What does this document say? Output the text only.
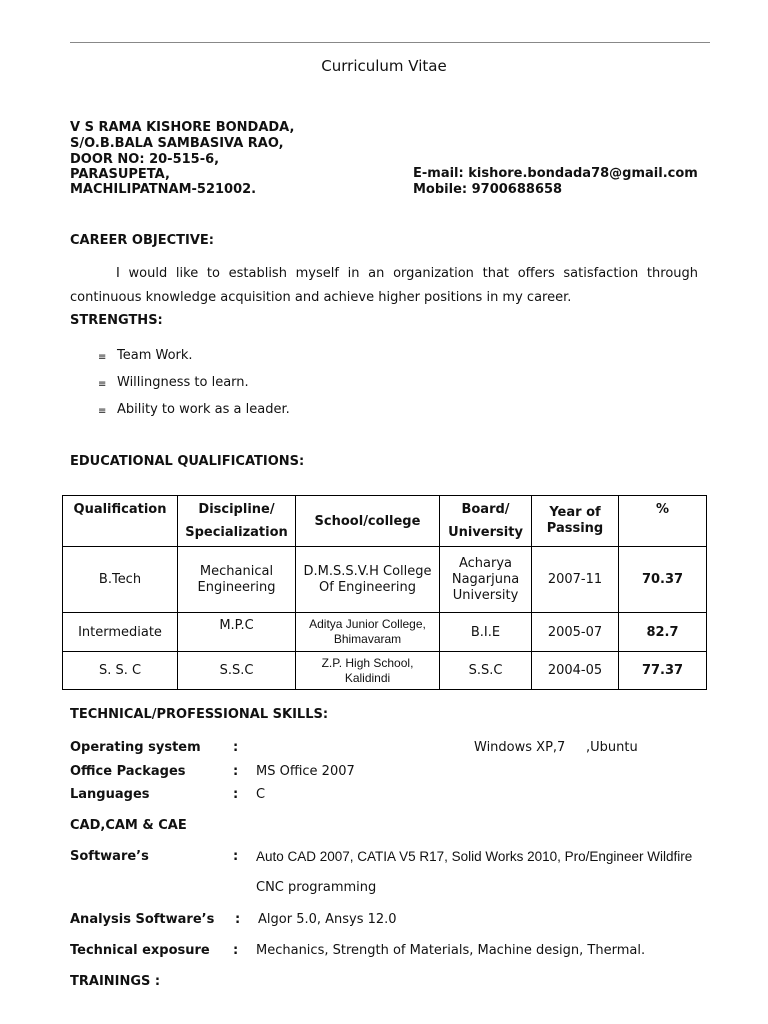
Curriculum Vitae
V S RAMA KISHORE BONDADA,
S/O.B.BALA SAMBASIVA RAO,
DOOR NO: 20-515-6,
PARASUPETA,
MACHILIPATNAM-521002.
E-mail: kishore.bondada78@gmail.com
Mobile: 9700688658
CAREER OBJECTIVE:
I would like to establish myself in an organization that offers satisfaction through continuous knowledge acquisition and achieve higher positions in my career.
STRENGTHS:
≡ Team Work.
≡ Willingness to learn.
≡ Ability to work as a leader.
EDUCATIONAL QUALIFICATIONS:
Qualification	Discipline/ Specialization	School/college	Board/ University	Year of Passing	%
B.Tech	Mechanical Engineering	D.M.S.S.V.H College Of Engineering	Acharya Nagarjuna University	2007-11	70.37
Intermediate	M.P.C	Aditya Junior College, Bhimavaram	B.I.E	2005-07	82.7
S. S. C	S.S.C	Z.P. High School, Kalidindi	S.S.C	2004-05	77.37
TECHNICAL/PROFESSIONAL SKILLS:
Operating system :	Windows XP,7     ,Ubuntu
Office Packages	: MS Office 2007
Languages	: C
CAD,CAM & CAE
Software’s	: Auto CAD 2007, CATIA V5 R17, Solid Works 2010, Pro/Engineer Wildfire
CNC programming
Analysis Software’s : Algor 5.0, Ansys 12.0
Technical exposure : Mechanics, Strength of Materials, Machine design, Thermal.
TRAININGS :
